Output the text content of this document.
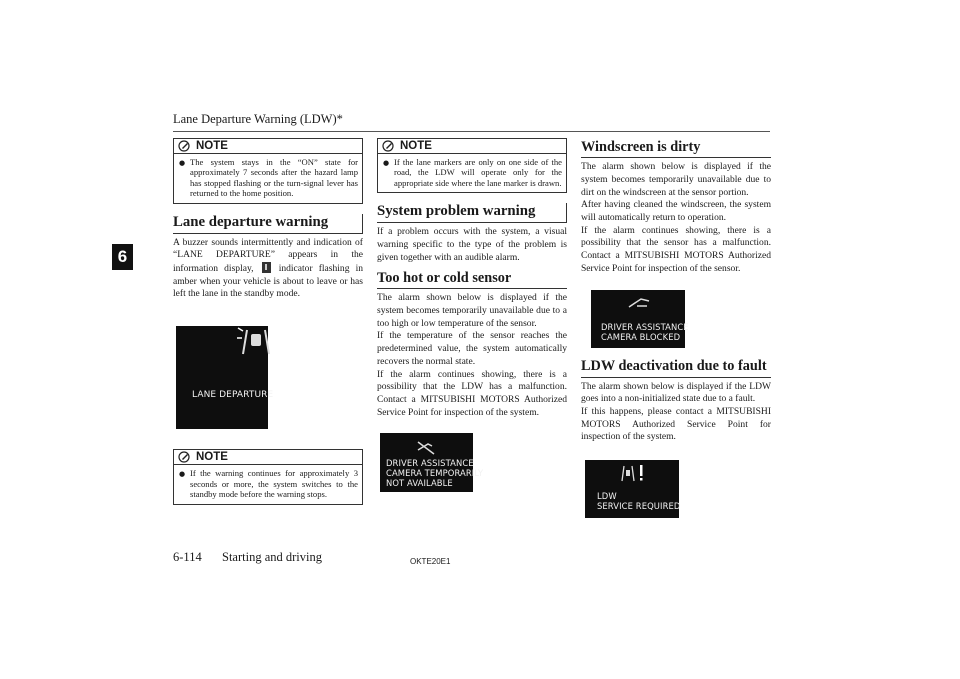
Lane Departure Warning (LDW)*
6
NOTE
● The system stays in the “ON” state for approximately 7 seconds after the hazard lamp has stopped flashing or the turn-signal lever has returned to the home position.
Lane departure warning

A buzzer sounds intermittently and indication of “LANE DEPARTURE” appears in the information display,	indicator flashing in amber when your vehicle is about to leave or has left the lane in the standby mode.

LANE DEPARTURE
NOTE
● If the warning continues for approximately 3 seconds or more, the system switches to the standby mode before the warning stops.
NOTE
● If the lane markers are only on one side of the road, the LDW will operate only for the appropriate side where the lane marker is drawn.
System problem warning

If a problem occurs with the system, a visual warning specific to the type of the problem is given together with an audible alarm.

Too hot or cold sensor

The alarm shown below is displayed if the system becomes temporarily unavailable due to a too high or low temperature of the sensor.

If the temperature of the sensor reaches the predetermined value, the system automatically recovers the normal state.

If the alarm continues showing, there is a possibility that the LDW has a malfunction. Contact a MITSUBISHI MOTORS Authorized Service Point for inspection of the system.

DRIVER ASSISTANCE
CAMERA TEMPORARILY
NOT AVAILABLE
Windscreen is dirty

The alarm shown below is displayed if the system becomes temporarily unavailable due to dirt on the windscreen at the sensor portion.

After having cleaned the windscreen, the system will automatically return to operation.

If the alarm continues showing, there is a possibility that the sensor has a malfunction. Contact a MITSUBISHI MOTORS Authorized Service Point for inspection of the sensor.

DRIVER ASSISTANCE
CAMERA BLOCKED
LDW deactivation due to fault

The alarm shown below is displayed if the LDW goes into a non-initialized state due to a fault.

If this happens, please contact a MITSUBISHI MOTORS Authorized Service Point for inspection of the system.

LDW
SERVICE REQUIRED
6-114 Starting and driving	OKTE20E1
